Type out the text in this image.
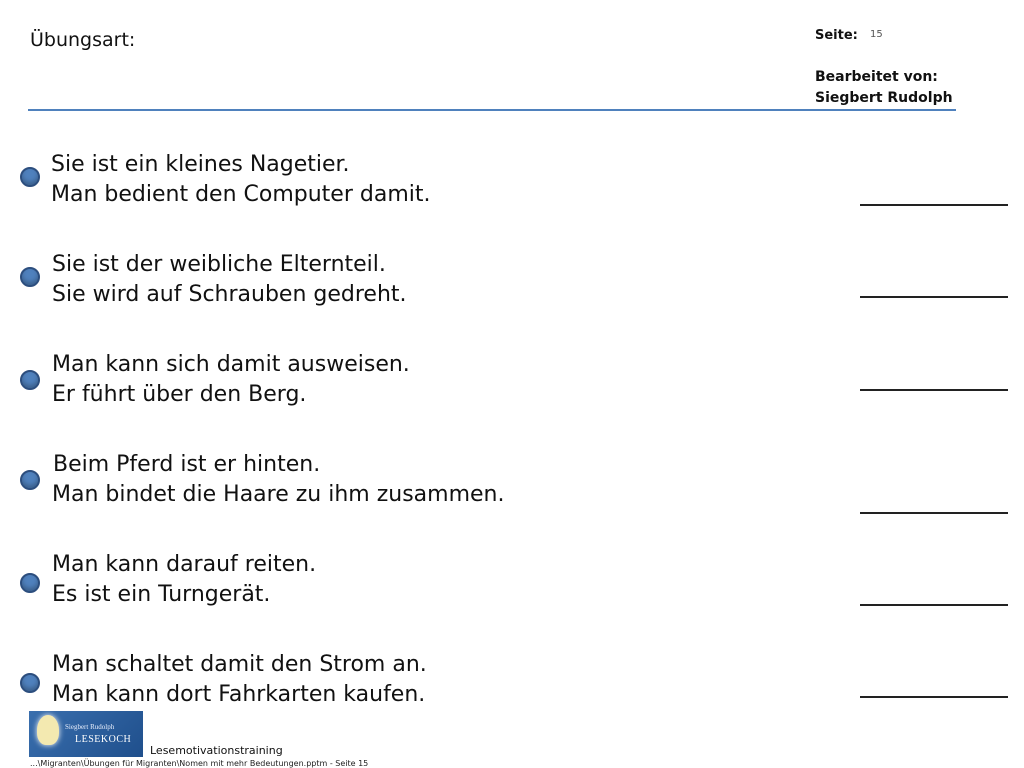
Übungsart:	Seite: 15
Bearbeitet von:
Siegbert Rudolph
Sie ist ein kleines Nagetier.
Man bedient den Computer damit.
Sie ist der weibliche Elternteil.
Sie wird auf Schrauben gedreht.
Man kann sich damit ausweisen.
Er führt über den Berg.
Beim Pferd ist er hinten.
Man bindet die Haare zu ihm zusammen.
Man kann darauf reiten.
Es ist ein Turngerät.
Man schaltet damit den Strom an.
Man kann dort Fahrkarten kaufen.
Siegbert Rudolph
LESEKOCH
Lesemotivationstraining
...\Migranten\Übungen für Migranten\Nomen mit mehr Bedeutungen.pptm - Seite 15
